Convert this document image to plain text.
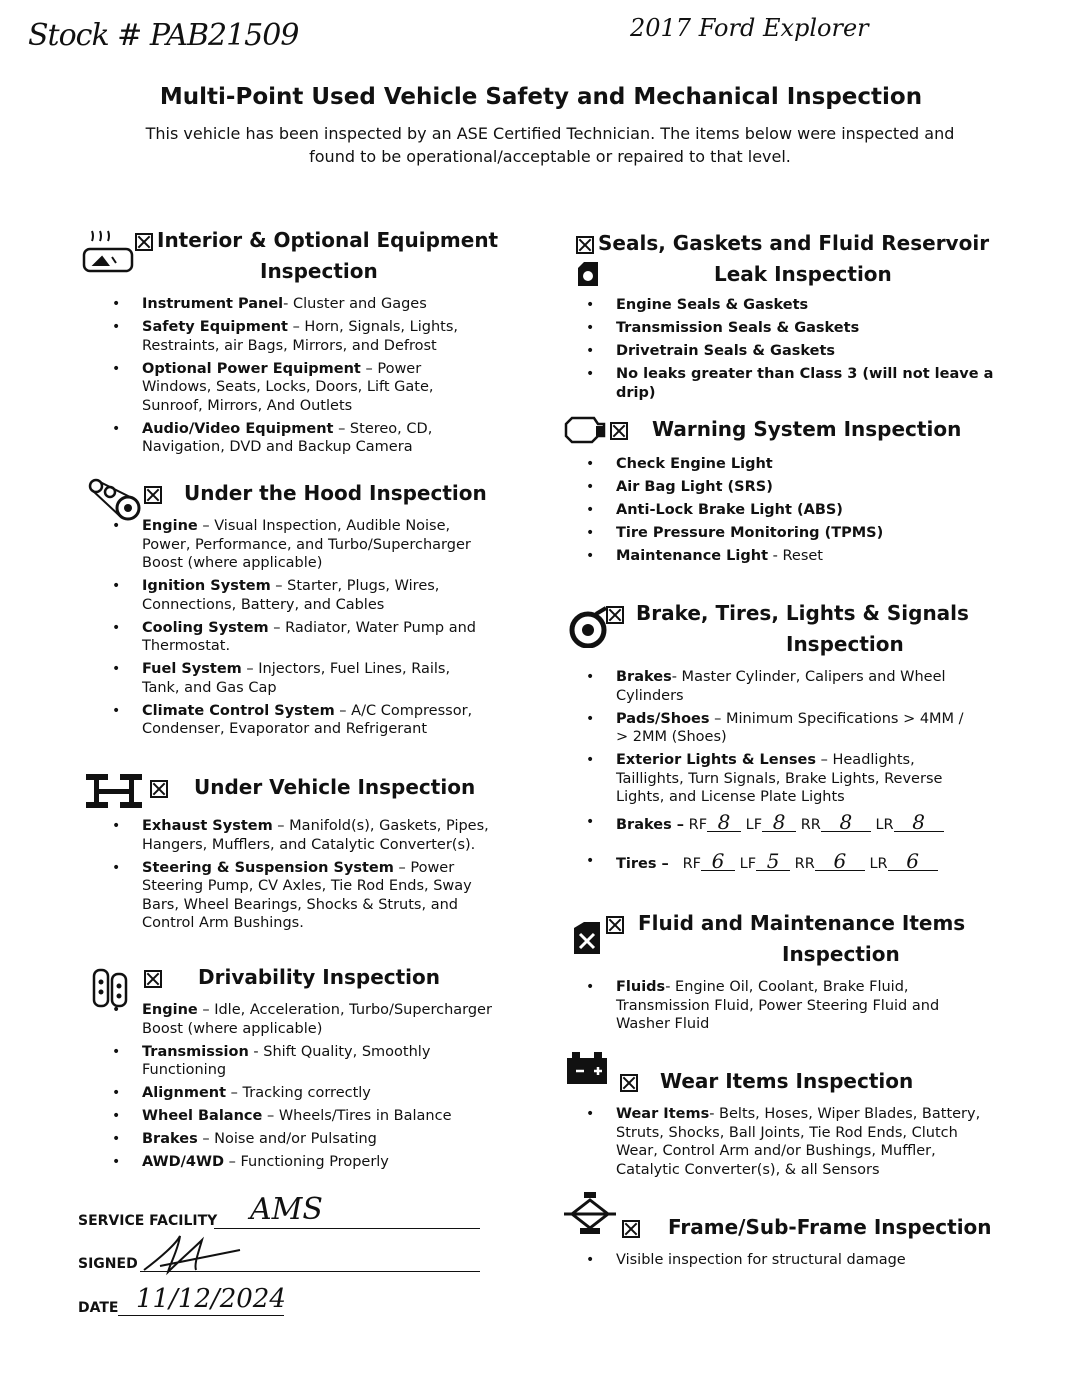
Stock # PAB21509	2017 Ford Explorer
Multi-Point Used Vehicle Safety and Mechanical Inspection
This vehicle has been inspected by an ASE Certified Technician. The items below were inspected and found to be operational/acceptable or repaired to that level.
Interior & Optional Equipment
Inspection
• Instrument Panel- Cluster and Gages
• Safety Equipment – Horn, Signals, Lights, Restraints, air Bags, Mirrors, and Defrost
• Optional Power Equipment – Power Windows, Seats, Locks, Doors, Lift Gate, Sunroof, Mirrors, And Outlets
• Audio/Video Equipment – Stereo, CD, Navigation, DVD and Backup Camera
Under the Hood Inspection
• Engine – Visual Inspection, Audible Noise, Power, Performance, and Turbo/Supercharger Boost (where applicable)
• Ignition System – Starter, Plugs, Wires, Connections, Battery, and Cables
• Cooling System – Radiator, Water Pump and Thermostat.
• Fuel System – Injectors, Fuel Lines, Rails, Tank, and Gas Cap
• Climate Control System – A/C Compressor, Condenser, Evaporator and Refrigerant
Under Vehicle Inspection
• Exhaust System – Manifold(s), Gaskets, Pipes, Hangers, Mufflers, and Catalytic Converter(s).
• Steering & Suspension System – Power Steering Pump, CV Axles, Tie Rod Ends, Sway Bars, Wheel Bearings, Shocks & Struts, and Control Arm Bushings.
Drivability Inspection
• Engine – Idle, Acceleration, Turbo/Supercharger Boost (where applicable)
• Transmission - Shift Quality, Smoothly Functioning
• Alignment – Tracking correctly
• Wheel Balance – Wheels/Tires in Balance
• Brakes – Noise and/or Pulsating
• AWD/4WD – Functioning Properly
SERVICE FACILITY AMS
SIGNED
DATE 11/12/2024
Seals, Gaskets and Fluid Reservoir
Leak Inspection
• Engine Seals & Gaskets
• Transmission Seals & Gaskets
• Drivetrain Seals & Gaskets
• No leaks greater than Class 3 (will not leave a drip)
Warning System Inspection
• Check Engine Light
• Air Bag Light (SRS)
• Anti-Lock Brake Light (ABS)
• Tire Pressure Monitoring (TPMS)
• Maintenance Light - Reset
Brake, Tires, Lights & Signals
Inspection
• Brakes- Master Cylinder, Calipers and Wheel Cylinders
• Pads/Shoes – Minimum Specifications > 4MM / > 2MM (Shoes)
• Exterior Lights & Lenses – Headlights, Taillights, Turn Signals, Brake Lights, Reverse Lights, and License Plate Lights
• Brakes – RF 8 LF 8 RR 8 LR 8
• Tires – RF 6 LF 5 RR 6 LR 6
Fluid and Maintenance Items
Inspection
• Fluids- Engine Oil, Coolant, Brake Fluid, Transmission Fluid, Power Steering Fluid and Washer Fluid
Wear Items Inspection
• Wear Items- Belts, Hoses, Wiper Blades, Battery, Struts, Shocks, Ball Joints, Tie Rod Ends, Clutch Wear, Control Arm and/or Bushings, Muffler, Catalytic Converter(s), & all Sensors
Frame/Sub-Frame Inspection
• Visible inspection for structural damage
